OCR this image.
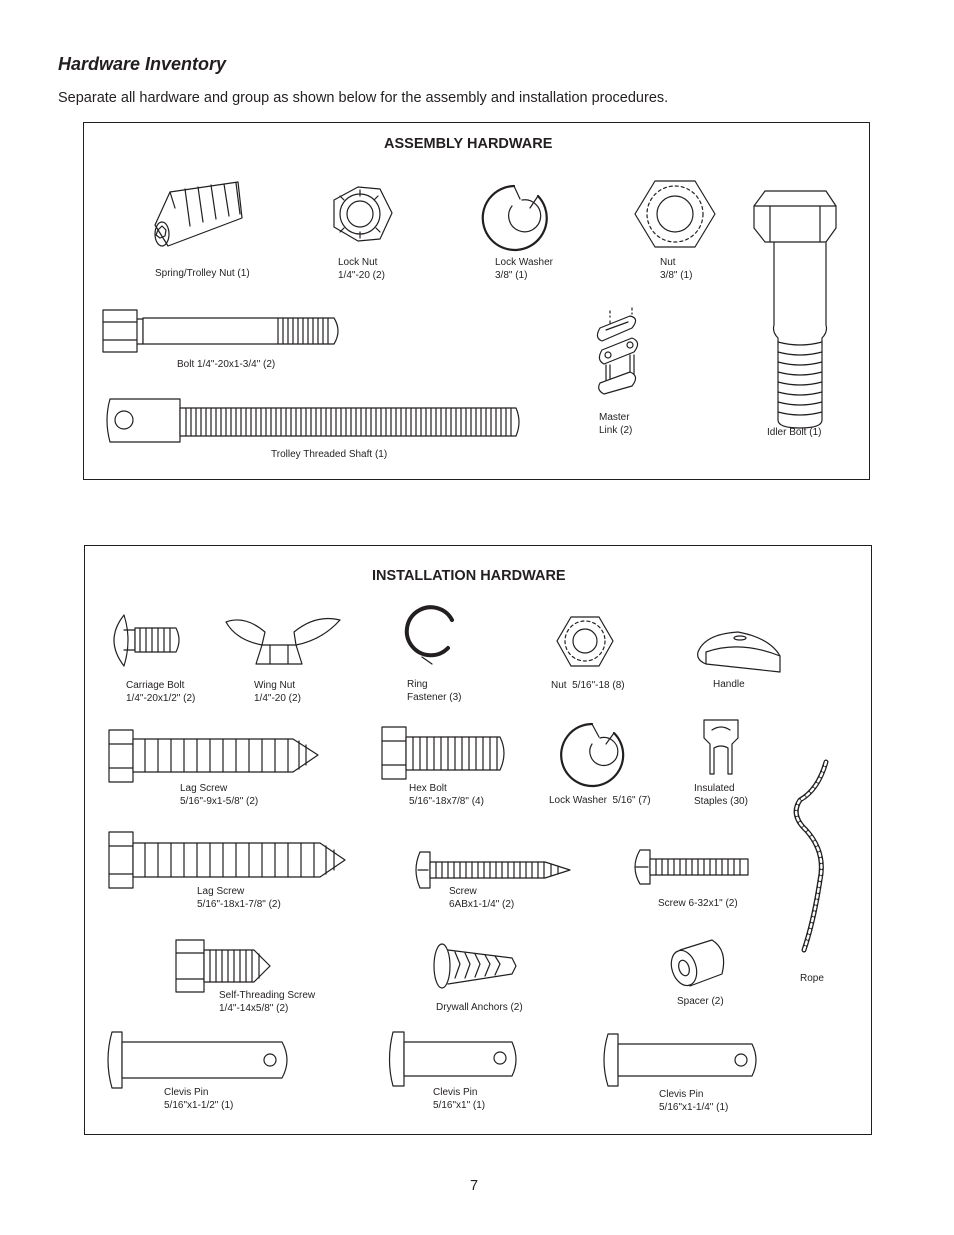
Hardware Inventory
Separate all hardware and group as shown below for the assembly and installation procedures.
ASSEMBLY HARDWARE
INSTALLATION HARDWARE
Spring/Trolley Nut (1)
Lock Nut
1/4"-20 (2)
Lock Washer
3/8" (1)
Nut
3/8" (1)
Bolt 1/4"-20x1-3/4" (2)
Master
Link (2)	Idler Bolt (1)
Trolley Threaded Shaft (1)
Carriage Bolt
1/4"-20x1/2" (2)
Wing Nut
1/4"-20 (2)
Ring
Fastener (3)
Nut  5/16"-18 (8)	Handle
Lag Screw
5/16"-9x1-5/8" (2)
Hex Bolt
5/16"-18x7/8" (4)	Lock Washer  5/16" (7)
Insulated
Staples (30)
Lag Screw
5/16"-18x1-7/8" (2)
Screw
6ABx1-1/4" (2)	Screw 6-32x1" (2)
Rope
Self-Threading Screw
1/4"-14x5/8" (2)	Drywall Anchors (2)
Spacer (2)
Clevis Pin
5/16"x1-1/2" (1)
Clevis Pin
5/16"x1" (1)
Clevis Pin
5/16"x1-1/4" (1)
7
